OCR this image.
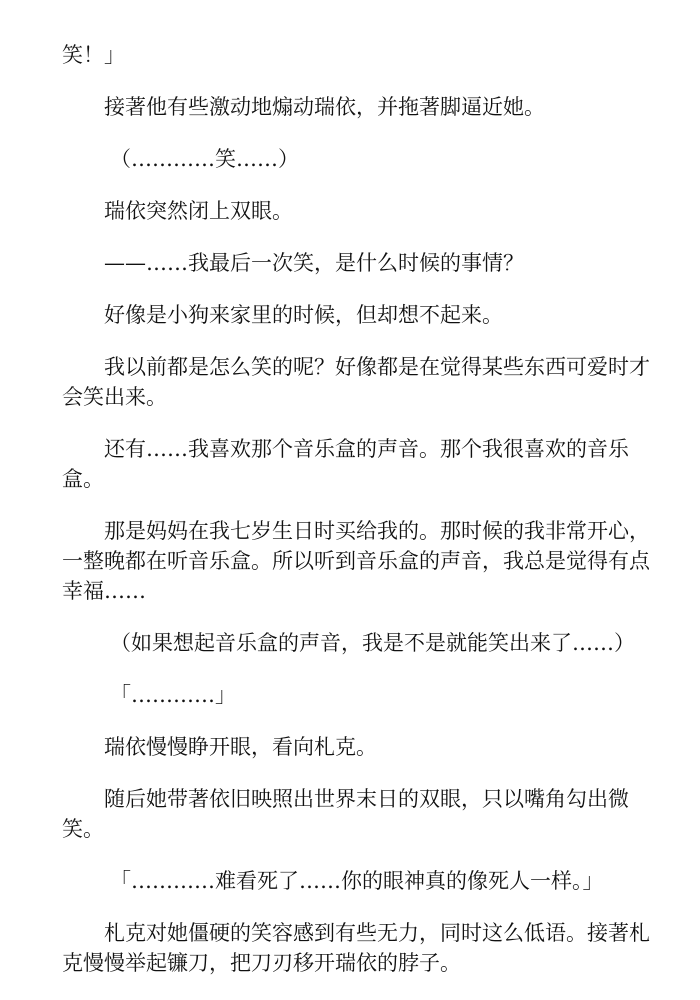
笑！」

接著他有些激动地煽动瑞依，并拖著脚逼近她。

（…………笑……）

瑞依突然闭上双眼。

——……我最后一次笑，是什么时候的事情？

好像是小狗来家里的时候，但却想不起来。

我以前都是怎么笑的呢？好像都是在觉得某些东西可爱时才会笑出来。

还有……我喜欢那个音乐盒的声音。那个我很喜欢的音乐盒。

那是妈妈在我七岁生日时买给我的。那时候的我非常开心，一整晚都在听音乐盒。所以听到音乐盒的声音，我总是觉得有点幸福……

（如果想起音乐盒的声音，我是不是就能笑出来了……）

「…………」

瑞依慢慢睁开眼，看向札克。

随后她带著依旧映照出世界末日的双眼，只以嘴角勾出微笑。

「…………难看死了……你的眼神真的像死人一样。」

札克对她僵硬的笑容感到有些无力，同时这么低语。接著札克慢慢举起镰刀，把刀刃移开瑞依的脖子。
